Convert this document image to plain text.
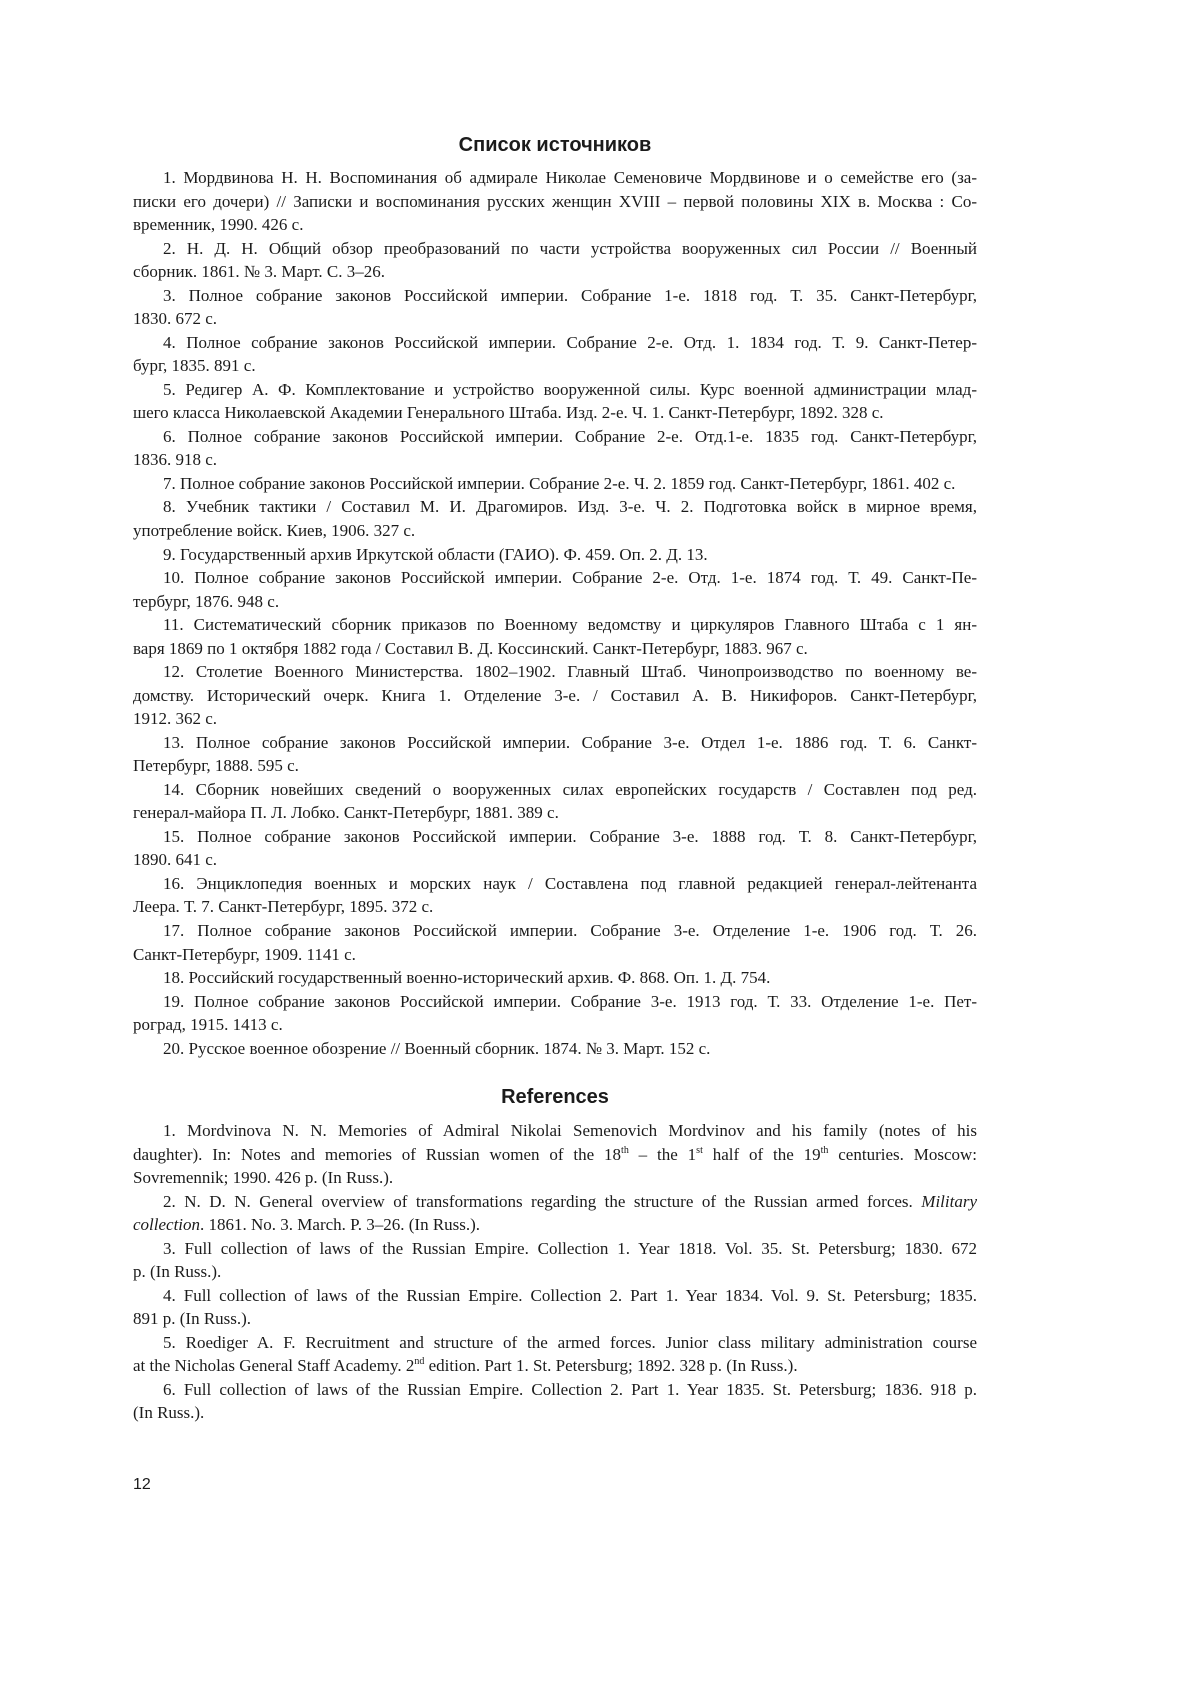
Список источников
1. Мордвинова Н. Н. Воспоминания об адмирале Николае Семеновиче Мордвинове и о семействе его (за-
писки его дочери) // Записки и воспоминания русских женщин XVIII – первой половины XIX в. Москва : Со-
временник, 1990. 426 с.
2. Н. Д. Н. Общий обзор преобразований по части устройства вооруженных сил России // Военный
сборник. 1861. № 3. Март. С. 3–26.
3. Полное собрание законов Российской империи. Собрание 1-е. 1818 год. Т. 35. Санкт-Петербург,
1830. 672 с.
4. Полное собрание законов Российской империи. Собрание 2-е. Отд. 1. 1834 год. Т. 9. Санкт-Петер-
бург, 1835. 891 с.
5. Редигер А. Ф. Комплектование и устройство вооруженной силы. Курс военной администрации млад-
шего класса Николаевской Академии Генерального Штаба. Изд. 2-е. Ч. 1. Санкт-Петербург, 1892. 328 с.
6. Полное собрание законов Российской империи. Собрание 2-е. Отд.1-е. 1835 год. Санкт-Петербург,
1836. 918 с.
7. Полное собрание законов Российской империи. Собрание 2-е. Ч. 2. 1859 год. Санкт-Петербург, 1861. 402 с.
8. Учебник тактики / Составил М. И. Драгомиров. Изд. 3-е. Ч. 2. Подготовка войск в мирное время,
употребление войск. Киев, 1906. 327 с.
9. Государственный архив Иркутской области (ГАИО). Ф. 459. Оп. 2. Д. 13.
10. Полное собрание законов Российской империи. Собрание 2-е. Отд. 1-е. 1874 год. Т. 49. Санкт-Пе-
тербург, 1876. 948 с.
11. Систематический сборник приказов по Военному ведомству и циркуляров Главного Штаба с 1 ян-
варя 1869 по 1 октября 1882 года / Составил В. Д. Коссинский. Санкт-Петербург, 1883. 967 с.
12. Столетие Военного Министерства. 1802–1902. Главный Штаб. Чинопроизводство по военному ве-
домству. Исторический очерк. Книга 1. Отделение 3-е. / Составил А. В. Никифоров. Санкт-Петербург,
1912. 362 с.
13. Полное собрание законов Российской империи. Собрание 3-е. Отдел 1-е. 1886 год. Т. 6. Санкт-
Петербург, 1888. 595 с.
14. Сборник новейших сведений о вооруженных силах европейских государств / Составлен под ред.
генерал-майора П. Л. Лобко. Санкт-Петербург, 1881. 389 с.
15. Полное собрание законов Российской империи. Собрание 3-е. 1888 год. Т. 8. Санкт-Петербург,
1890. 641 с.
16. Энциклопедия военных и морских наук / Составлена под главной редакцией генерал-лейтенанта
Леера. Т. 7. Санкт-Петербург, 1895. 372 с.
17. Полное собрание законов Российской империи. Собрание 3-е. Отделение 1-е. 1906 год. Т. 26.
Санкт-Петербург, 1909. 1141 с.
18. Российский государственный военно-исторический архив. Ф. 868. Оп. 1. Д. 754.
19. Полное собрание законов Российской империи. Собрание 3-е. 1913 год. Т. 33. Отделение 1-е. Пет-
роград, 1915. 1413 с.
20. Русское военное обозрение // Военный сборник. 1874. № 3. Март. 152 с.
References
1. Mordvinova N. N. Memories of Admiral Nikolai Semenovich Mordvinov and his family (notes of his
daughter). In: Notes and memories of Russian women of the 18th – the 1st half of the 19th centuries. Moscow:
Sovremennik; 1990. 426 p. (In Russ.).
2. N. D. N. General overview of transformations regarding the structure of the Russian armed forces. Military
collection. 1861. No. 3. March. P. 3–26. (In Russ.).
3. Full collection of laws of the Russian Empire. Collection 1. Year 1818. Vol. 35. St. Petersburg; 1830. 672
p. (In Russ.).
4. Full collection of laws of the Russian Empire. Collection 2. Part 1. Year 1834. Vol. 9. St. Petersburg; 1835.
891 p. (In Russ.).
5. Roediger A. F. Recruitment and structure of the armed forces. Junior class military administration course
at the Nicholas General Staff Academy. 2nd edition. Part 1. St. Petersburg; 1892. 328 p. (In Russ.).
6. Full collection of laws of the Russian Empire. Collection 2. Part 1. Year 1835. St. Petersburg; 1836. 918 p.
(In Russ.).
12
